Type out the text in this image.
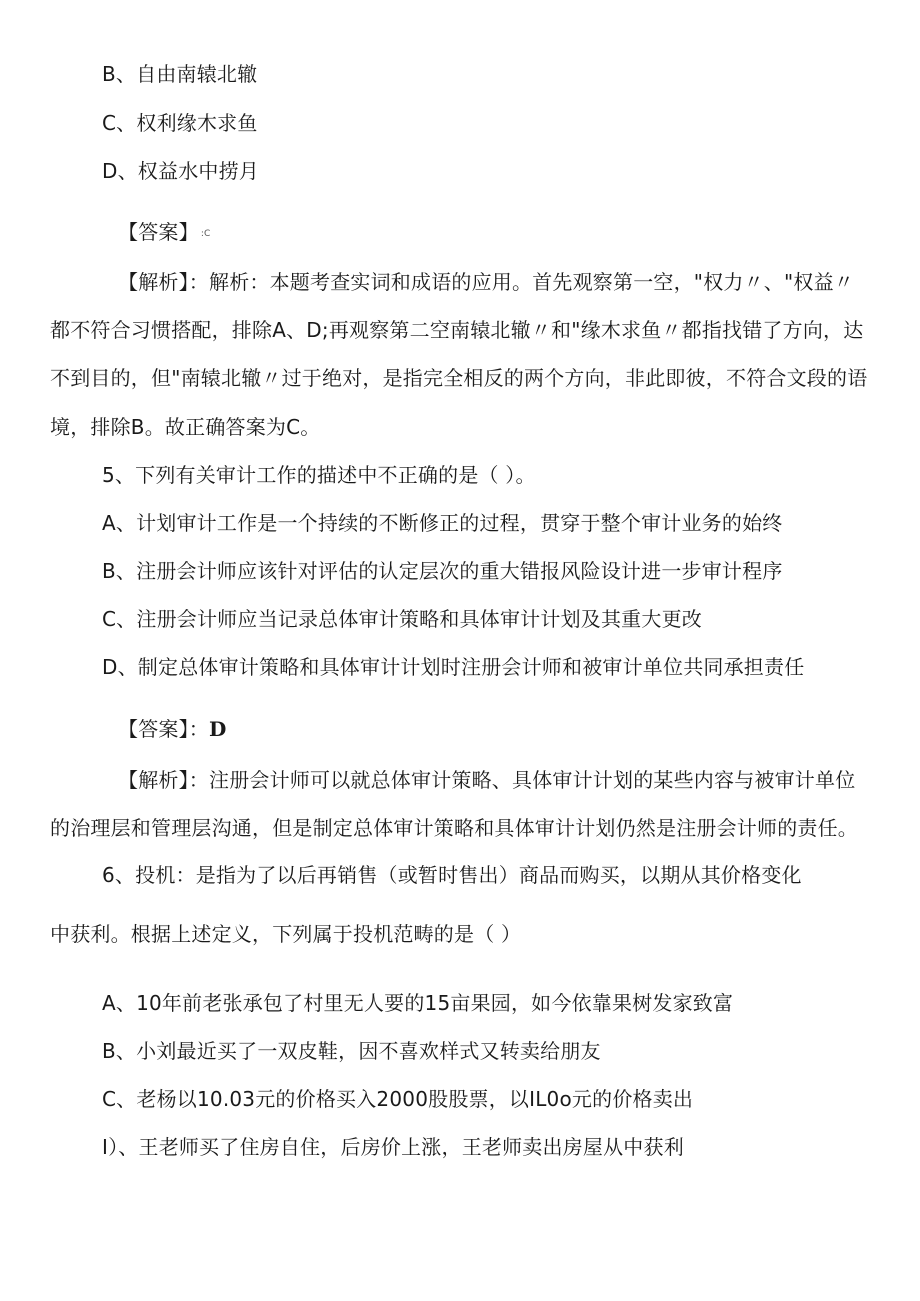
B、自由南辕北辙
C、权利缘木求鱼
D、权益水中捞月
【答案】 :C
【解析】：解析：本题考查实词和成语的应用。首先观察第一空，"权力〃、"权益〃
都不符合习惯搭配，排除A、D;再观察第二空南辕北辙〃和"缘木求鱼〃都指找错了方向，达
不到目的，但"南辕北辙〃过于绝对，是指完全相反的两个方向，非此即彼，不符合文段的语
境，排除B。故正确答案为C。
5、下列有关审计工作的描述中不正确的是（ ）。
A、计划审计工作是一个持续的不断修正的过程，贯穿于整个审计业务的始终
B、注册会计师应该针对评估的认定层次的重大错报风险设计进一步审计程序
C、注册会计师应当记录总体审计策略和具体审计计划及其重大更改
D、制定总体审计策略和具体审计计划时注册会计师和被审计单位共同承担责任
【答案】：D
【解析】：注册会计师可以就总体审计策略、具体审计计划的某些内容与被审计单位
的治理层和管理层沟通，但是制定总体审计策略和具体审计计划仍然是注册会计师的责任。
6、投机：是指为了以后再销售（或暂时售出）商品而购买，以期从其价格变化
中获利。根据上述定义，下列属于投机范畴的是（ ）
A、10年前老张承包了村里无人要的15亩果园，如今依靠果树发家致富
B、小刘最近买了一双皮鞋，因不喜欢样式又转卖给朋友
C、老杨以10.03元的价格买入2000股股票，以IL0o元的价格卖出
I）、王老师买了住房自住，后房价上涨，王老师卖出房屋从中获利
